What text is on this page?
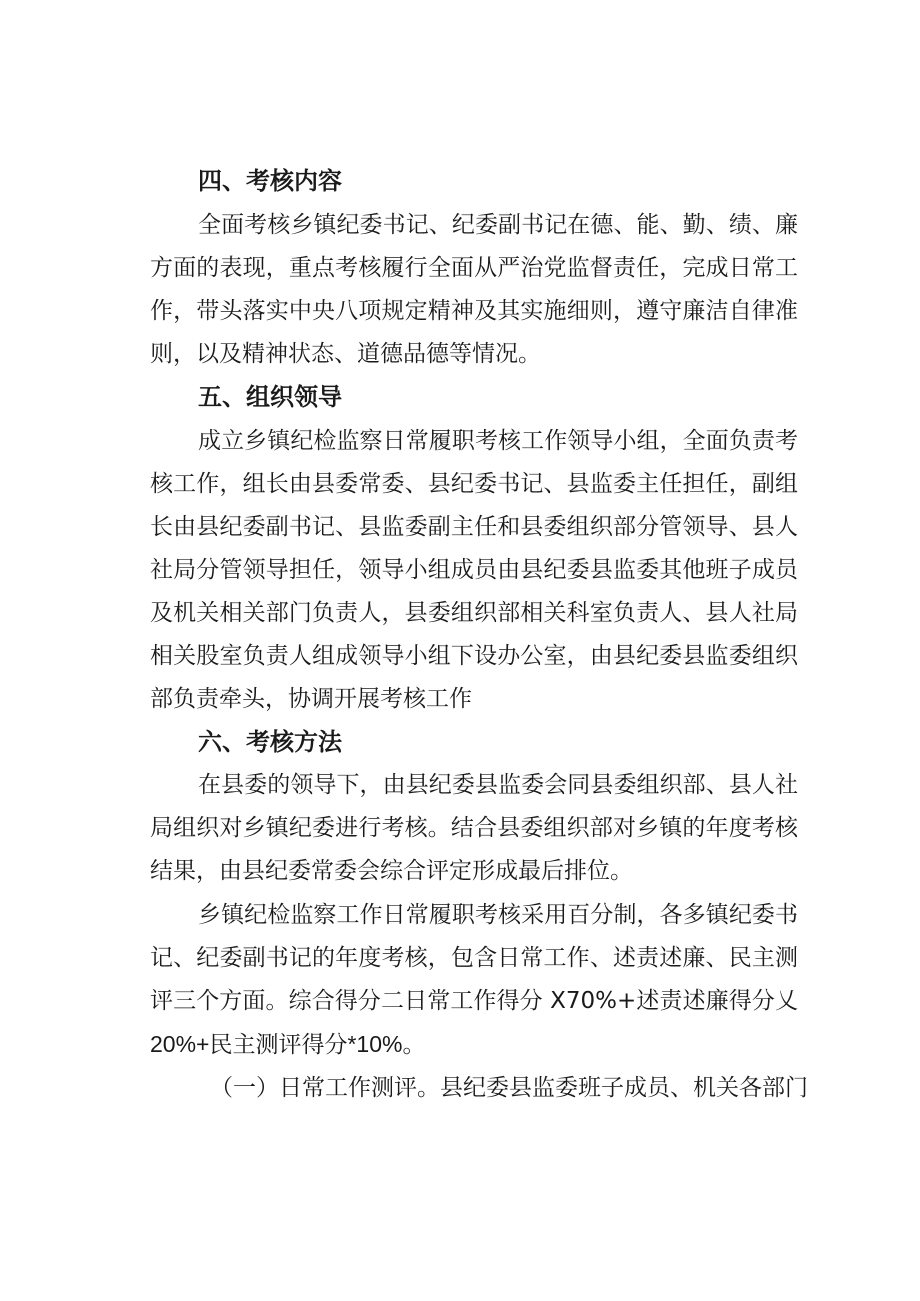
四、考核内容
全面考核乡镇纪委书记、纪委副书记在德、能、勤、绩、廉
方面的表现，重点考核履行全面从严治党监督责任，完成日常工
作，带头落实中央八项规定精神及其实施细则，遵守廉洁自律准
则，以及精神状态、道德品德等情况。
五、组织领导
成立乡镇纪检监察日常履职考核工作领导小组，全面负责考
核工作，组长由县委常委、县纪委书记、县监委主任担任，副组
长由县纪委副书记、县监委副主任和县委组织部分管领导、县人
社局分管领导担任，领导小组成员由县纪委县监委其他班子成员
及机关相关部门负责人，县委组织部相关科室负责人、县人社局
相关股室负责人组成领导小组下设办公室，由县纪委县监委组织
部负责牵头，协调开展考核工作
六、考核方法
在县委的领导下，由县纪委县监委会同县委组织部、县人社
局组织对乡镇纪委进行考核。结合县委组织部对乡镇的年度考核
结果，由县纪委常委会综合评定形成最后排位。
乡镇纪检监察工作日常履职考核采用百分制，各多镇纪委书
记、纪委副书记的年度考核，包含日常工作、述责述廉、民主测
评三个方面。综合得分二日常工作得分 X70%+述责述廉得分乂
20%+民主测评得分*10%。
（一）日常工作测评。县纪委县监委班子成员、机关各部门
